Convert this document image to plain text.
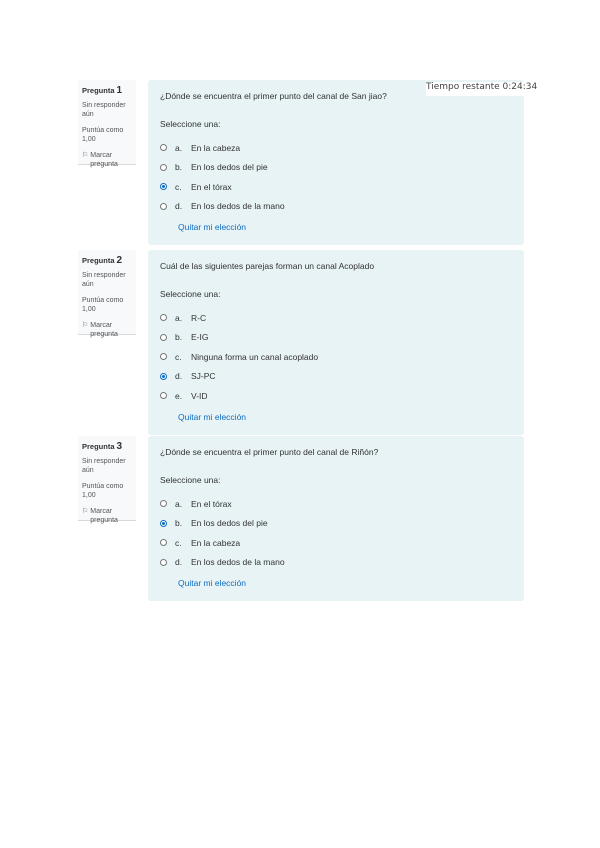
Tiempo restante 0:24:34
Pregunta 1
Sin responder aún
Puntúa como 1,00
⚐ Marcar pregunta
¿Dónde se encuentra el primer punto del canal de San jiao?
Seleccione una:
a.	En la cabeza
b.	En los dedos del pie
c.	En el tórax
d.	En los dedos de la mano
Quitar mi elección
Pregunta 2
Sin responder aún
Puntúa como 1,00
⚐ Marcar pregunta
Cuál de las siguientes parejas forman un canal Acoplado
Seleccione una:
a.	R-C
b.	E-IG
c.	Ninguna forma un canal acoplado
d.	SJ-PC
e.	V-ID
Quitar mi elección
Pregunta 3
Sin responder aún
Puntúa como 1,00
⚐ Marcar pregunta
¿Dónde se encuentra el primer punto del canal de Riñón?
Seleccione una:
a.	En el tórax
b.	En los dedos del pie
c.	En la cabeza
d.	En los dedos de la mano
Quitar mi elección
